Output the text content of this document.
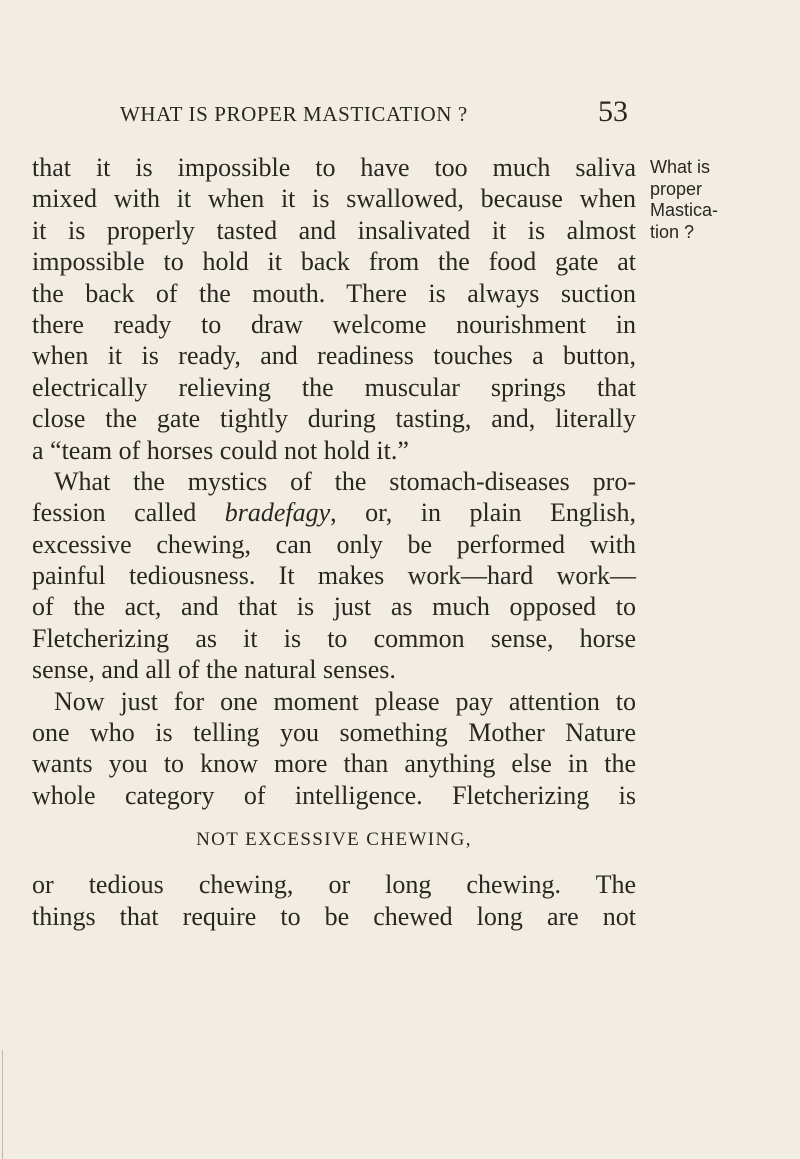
WHAT IS PROPER MASTICATION ?	53
that it is impossible to have too much saliva
mixed with it when it is swallowed, because when
it is properly tasted and insalivated it is almost
impossible to hold it back from the food gate at
the back of the mouth. There is always suction
there ready to draw welcome nourishment in
when it is ready, and readiness touches a button,
electrically relieving the muscular springs that
close the gate tightly during tasting, and, literally
a “team of horses could not hold it.”
What the mystics of the stomach-diseases pro-
fession called bradefagy, or, in plain English,
excessive chewing, can only be performed with
painful tediousness. It makes work—hard work—
of the act, and that is just as much opposed to
Fletcherizing as it is to common sense, horse
sense, and all of the natural senses.
Now just for one moment please pay attention to
one who is telling you something Mother Nature
wants you to know more than anything else in the
whole category of intelligence. Fletcherizing is
NOT EXCESSIVE CHEWING,
or tedious chewing, or long chewing. The
things that require to be chewed long are not
What is
proper
Mastica-
tion ?
